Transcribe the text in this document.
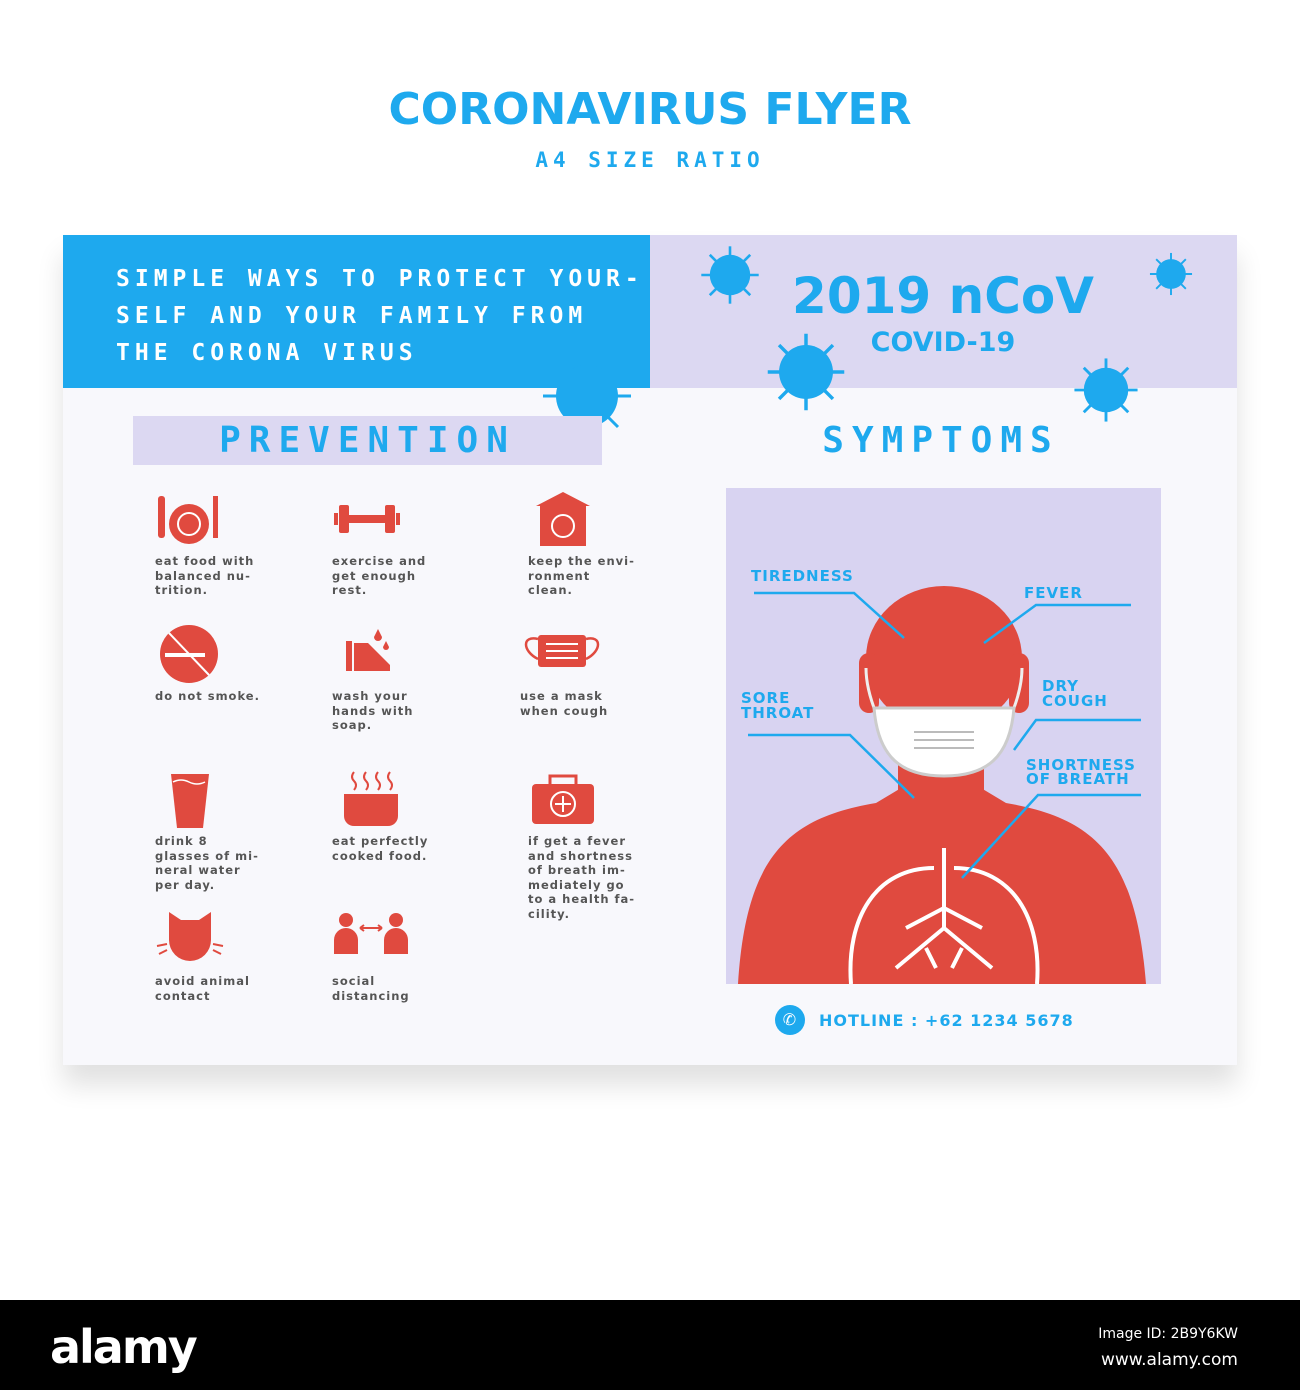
CORONAVIRUS FLYER
A4 SIZE RATIO
SIMPLE WAYS TO PROTECT YOUR-
SELF AND YOUR FAMILY FROM
THE CORONA VIRUS
2019 nCoV
COVID-19
PREVENTION	SYMPTOMS
eat food with
balanced nu-
trition.
exercise and
get enough
rest.
keep the envi-
ronment
clean.
do not smoke.	wash your
hands with
soap.
use a mask
when cough
drink 8
glasses of mi-
neral water
per day.
eat perfectly
cooked food.
if get a fever
and shortness
of breath im-
mediately go
to a health fa-
cility.
avoid animal
contact
social
distancing
TIREDNESS
FEVER
SORE
THROAT
DRY
COUGH
SHORTNESS
OF BREATH
✆	HOTLINE : +62 1234 5678
alamy	Image ID: 2B9Y6KW
www.alamy.com
